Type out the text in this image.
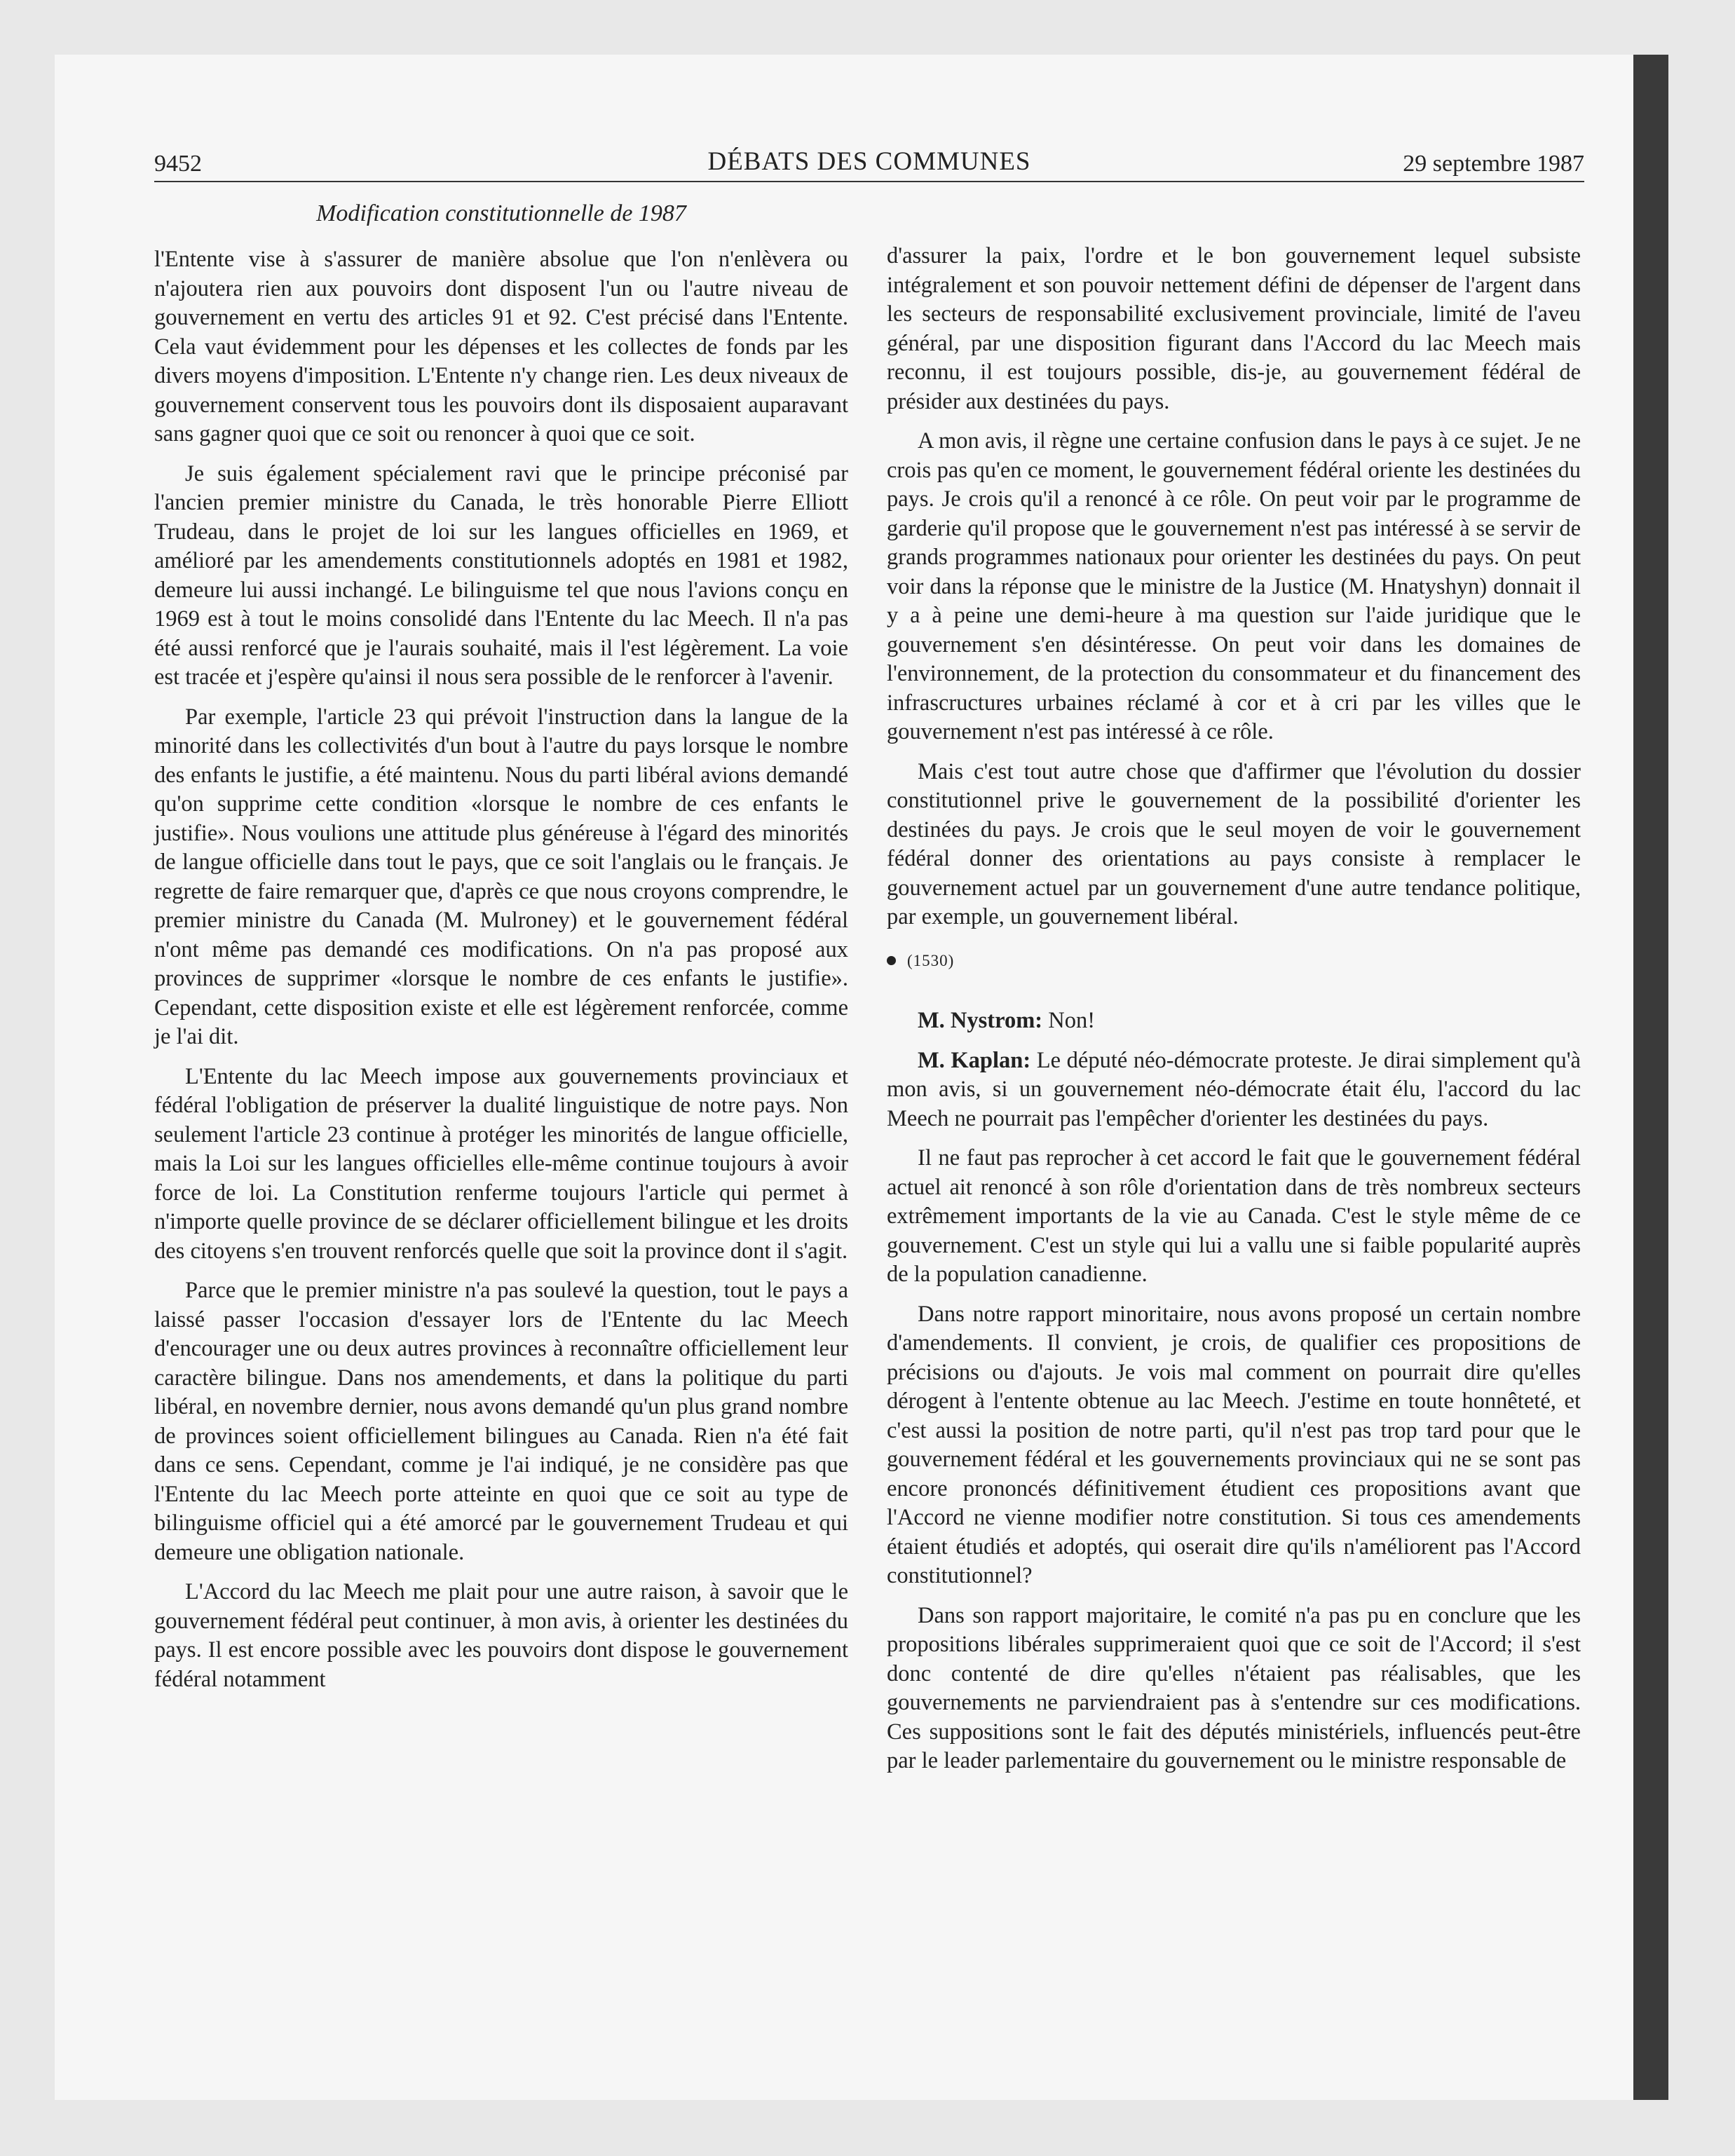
9452	DÉBATS DES COMMUNES	29 septembre 1987
Modification constitutionnelle de 1987

l'Entente vise à s'assurer de manière absolue que l'on n'enlèvera ou n'ajoutera rien aux pouvoirs dont disposent l'un ou l'autre niveau de gouvernement en vertu des articles 91 et 92. C'est précisé dans l'Entente. Cela vaut évidemment pour les dépenses et les collectes de fonds par les divers moyens d'imposition. L'Entente n'y change rien. Les deux niveaux de gouvernement conservent tous les pouvoirs dont ils disposaient auparavant sans gagner quoi que ce soit ou renoncer à quoi que ce soit.

Je suis également spécialement ravi que le principe préconisé par l'ancien premier ministre du Canada, le très honorable Pierre Elliott Trudeau, dans le projet de loi sur les langues officielles en 1969, et amélioré par les amendements constitutionnels adoptés en 1981 et 1982, demeure lui aussi inchangé. Le bilinguisme tel que nous l'avions conçu en 1969 est à tout le moins consolidé dans l'Entente du lac Meech. Il n'a pas été aussi renforcé que je l'aurais souhaité, mais il l'est légèrement. La voie est tracée et j'espère qu'ainsi il nous sera possible de le renforcer à l'avenir.

Par exemple, l'article 23 qui prévoit l'instruction dans la langue de la minorité dans les collectivités d'un bout à l'autre du pays lorsque le nombre des enfants le justifie, a été maintenu. Nous du parti libéral avions demandé qu'on supprime cette condition «lorsque le nombre de ces enfants le justifie». Nous voulions une attitude plus généreuse à l'égard des minorités de langue officielle dans tout le pays, que ce soit l'anglais ou le français. Je regrette de faire remarquer que, d'après ce que nous croyons comprendre, le premier ministre du Canada (M. Mulroney) et le gouvernement fédéral n'ont même pas demandé ces modifications. On n'a pas proposé aux provinces de supprimer «lorsque le nombre de ces enfants le justifie». Cependant, cette disposition existe et elle est légèrement renforcée, comme je l'ai dit.

L'Entente du lac Meech impose aux gouvernements provinciaux et fédéral l'obligation de préserver la dualité linguistique de notre pays. Non seulement l'article 23 continue à protéger les minorités de langue officielle, mais la Loi sur les langues officielles elle-même continue toujours à avoir force de loi. La Constitution renferme toujours l'article qui permet à n'importe quelle province de se déclarer officiellement bilingue et les droits des citoyens s'en trouvent renforcés quelle que soit la province dont il s'agit.

Parce que le premier ministre n'a pas soulevé la question, tout le pays a laissé passer l'occasion d'essayer lors de l'Entente du lac Meech d'encourager une ou deux autres provinces à reconnaître officiellement leur caractère bilingue. Dans nos amendements, et dans la politique du parti libéral, en novembre dernier, nous avons demandé qu'un plus grand nombre de provinces soient officiellement bilingues au Canada. Rien n'a été fait dans ce sens. Cependant, comme je l'ai indiqué, je ne considère pas que l'Entente du lac Meech porte atteinte en quoi que ce soit au type de bilinguisme officiel qui a été amorcé par le gouvernement Trudeau et qui demeure une obligation nationale.

L'Accord du lac Meech me plait pour une autre raison, à savoir que le gouvernement fédéral peut continuer, à mon avis, à orienter les destinées du pays. Il est encore possible avec les pouvoirs dont dispose le gouvernement fédéral notamment

d'assurer la paix, l'ordre et le bon gouvernement lequel subsiste intégralement et son pouvoir nettement défini de dépenser de l'argent dans les secteurs de responsabilité exclusivement provinciale, limité de l'aveu général, par une disposition figurant dans l'Accord du lac Meech mais reconnu, il est toujours possible, dis-je, au gouvernement fédéral de présider aux destinées du pays.

A mon avis, il règne une certaine confusion dans le pays à ce sujet. Je ne crois pas qu'en ce moment, le gouvernement fédéral oriente les destinées du pays. Je crois qu'il a renoncé à ce rôle. On peut voir par le programme de garderie qu'il propose que le gouvernement n'est pas intéressé à se servir de grands programmes nationaux pour orienter les destinées du pays. On peut voir dans la réponse que le ministre de la Justice (M. Hnatyshyn) donnait il y a à peine une demi-heure à ma question sur l'aide juridique que le gouvernement s'en désintéresse. On peut voir dans les domaines de l'environnement, de la protection du consommateur et du financement des infrascructures urbaines réclamé à cor et à cri par les villes que le gouvernement n'est pas intéressé à ce rôle.

Mais c'est tout autre chose que d'affirmer que l'évolution du dossier constitutionnel prive le gouvernement de la possibilité d'orienter les destinées du pays. Je crois que le seul moyen de voir le gouvernement fédéral donner des orientations au pays consiste à remplacer le gouvernement actuel par un gouvernement d'une autre tendance politique, par exemple, un gouvernement libéral.

(1530)

M. Nystrom: Non!

M. Kaplan: Le député néo-démocrate proteste. Je dirai simplement qu'à mon avis, si un gouvernement néo-démocrate était élu, l'accord du lac Meech ne pourrait pas l'empêcher d'orienter les destinées du pays.

Il ne faut pas reprocher à cet accord le fait que le gouvernement fédéral actuel ait renoncé à son rôle d'orientation dans de très nombreux secteurs extrêmement importants de la vie au Canada. C'est le style même de ce gouvernement. C'est un style qui lui a vallu une si faible popularité auprès de la population canadienne.

Dans notre rapport minoritaire, nous avons proposé un certain nombre d'amendements. Il convient, je crois, de qualifier ces propositions de précisions ou d'ajouts. Je vois mal comment on pourrait dire qu'elles dérogent à l'entente obtenue au lac Meech. J'estime en toute honnêteté, et c'est aussi la position de notre parti, qu'il n'est pas trop tard pour que le gouvernement fédéral et les gouvernements provinciaux qui ne se sont pas encore prononcés définitivement étudient ces propositions avant que l'Accord ne vienne modifier notre constitution. Si tous ces amendements étaient étudiés et adoptés, qui oserait dire qu'ils n'améliorent pas l'Accord constitutionnel?

Dans son rapport majoritaire, le comité n'a pas pu en conclure que les propositions libérales supprimeraient quoi que ce soit de l'Accord; il s'est donc contenté de dire qu'elles n'étaient pas réalisables, que les gouvernements ne parviendraient pas à s'entendre sur ces modifications. Ces suppositions sont le fait des députés ministériels, influencés peut-être par le leader parlementaire du gouvernement ou le ministre responsable de
